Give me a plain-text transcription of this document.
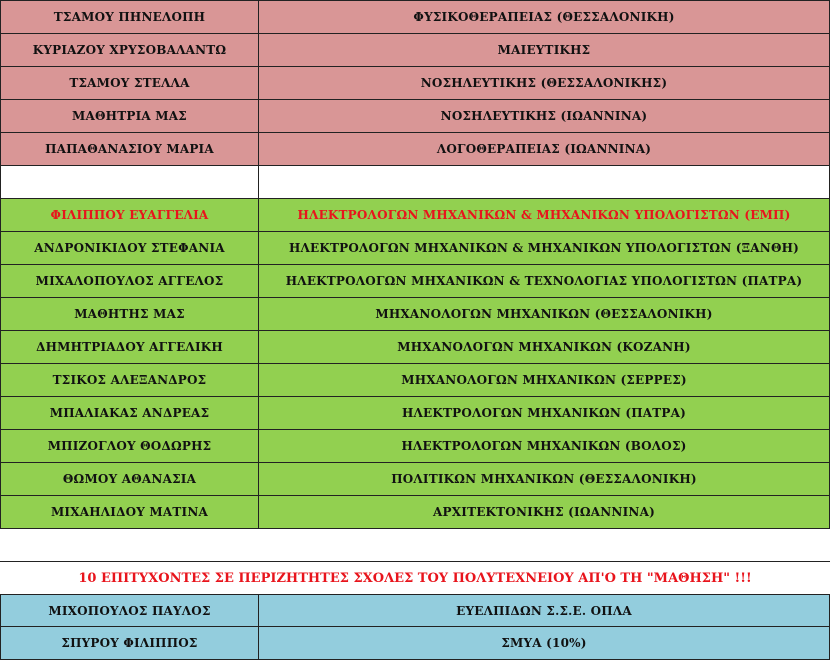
ΤΣΑΜΟΥ ΠΗΝΕΛΟΠΗ	ΦΥΣΙΚΟΘΕΡΑΠΕΙΑΣ (ΘΕΣΣΑΛΟΝΙΚΗ)
ΚΥΡΙΑΖΟΥ ΧΡΥΣΟΒΑΛΑΝΤΩ	ΜΑΙΕΥΤΙΚΗΣ
ΤΣΑΜΟΥ ΣΤΕΛΛΑ	ΝΟΣΗΛΕΥΤΙΚΗΣ (ΘΕΣΣΑΛΟΝΙΚΗΣ)
ΜΑΘΗΤΡΙΑ ΜΑΣ	ΝΟΣΗΛΕΥΤΙΚΗΣ (ΙΩΑΝΝΙΝΑ)
ΠΑΠΑΘΑΝΑΣΙΟΥ ΜΑΡΙΑ	ΛΟΓΟΘΕΡΑΠΕΙΑΣ (ΙΩΑΝΝΙΝΑ)
ΦΙΛΙΠΠΟΥ ΕΥΑΓΓΕΛΙΑ	ΗΛΕΚΤΡΟΛΟΓΩΝ ΜΗΧΑΝΙΚΩΝ & ΜΗΧΑΝΙΚΩΝ ΥΠΟΛΟΓΙΣΤΩΝ (ΕΜΠ)
ΑΝΔΡΟΝΙΚΙΔΟΥ ΣΤΕΦΑΝΙΑ	ΗΛΕΚΤΡΟΛΟΓΩΝ ΜΗΧΑΝΙΚΩΝ & ΜΗΧΑΝΙΚΩΝ ΥΠΟΛΟΓΙΣΤΩΝ (ΞΑΝΘΗ)
ΜΙΧΑΛΟΠΟΥΛΟΣ ΑΓΓΕΛΟΣ	ΗΛΕΚΤΡΟΛΟΓΩΝ ΜΗΧΑΝΙΚΩΝ & ΤΕΧΝΟΛΟΓΙΑΣ ΥΠΟΛΟΓΙΣΤΩΝ (ΠΑΤΡΑ)
ΜΑΘΗΤΗΣ ΜΑΣ	ΜΗΧΑΝΟΛΟΓΩΝ ΜΗΧΑΝΙΚΩΝ (ΘΕΣΣΑΛΟΝΙΚΗ)
ΔΗΜΗΤΡΙΑΔΟΥ ΑΓΓΕΛΙΚΗ	ΜΗΧΑΝΟΛΟΓΩΝ ΜΗΧΑΝΙΚΩΝ (ΚΟΖΑΝΗ)
ΤΣΙΚΟΣ ΑΛΕΞΑΝΔΡΟΣ	ΜΗΧΑΝΟΛΟΓΩΝ ΜΗΧΑΝΙΚΩΝ (ΣΕΡΡΕΣ)
ΜΠΑΛΙΑΚΑΣ ΑΝΔΡΕΑΣ	ΗΛΕΚΤΡΟΛΟΓΩΝ ΜΗΧΑΝΙΚΩΝ (ΠΑΤΡΑ)
ΜΠΙΖΟΓΛΟΥ ΘΟΔΩΡΗΣ	ΗΛΕΚΤΡΟΛΟΓΩΝ ΜΗΧΑΝΙΚΩΝ (ΒΟΛΟΣ)
ΘΩΜΟΥ ΑΘΑΝΑΣΙΑ	ΠΟΛΙΤΙΚΩΝ ΜΗΧΑΝΙΚΩΝ (ΘΕΣΣΑΛΟΝΙΚΗ)
ΜΙΧΑΗΛΙΔΟΥ ΜΑΤΙΝΑ	ΑΡΧΙΤΕΚΤΟΝΙΚΗΣ (ΙΩΑΝΝΙΝΑ)
10 ΕΠΙΤΥΧΟΝΤΕΣ ΣΕ ΠΕΡΙΖΗΤΗΤΕΣ ΣΧΟΛΕΣ ΤΟΥ ΠΟΛΥΤΕΧΝΕΙΟΥ ΑΠ'Ο ΤΗ "ΜΑΘΗΣΗ" !!!
ΜΙΧΟΠΟΥΛΟΣ ΠΑΥΛΟΣ	ΕΥΕΛΠΙΔΩΝ Σ.Σ.Ε. ΟΠΛΑ
ΣΠΥΡΟΥ ΦΙΛΙΠΠΟΣ	ΣΜΥΑ (10%)
